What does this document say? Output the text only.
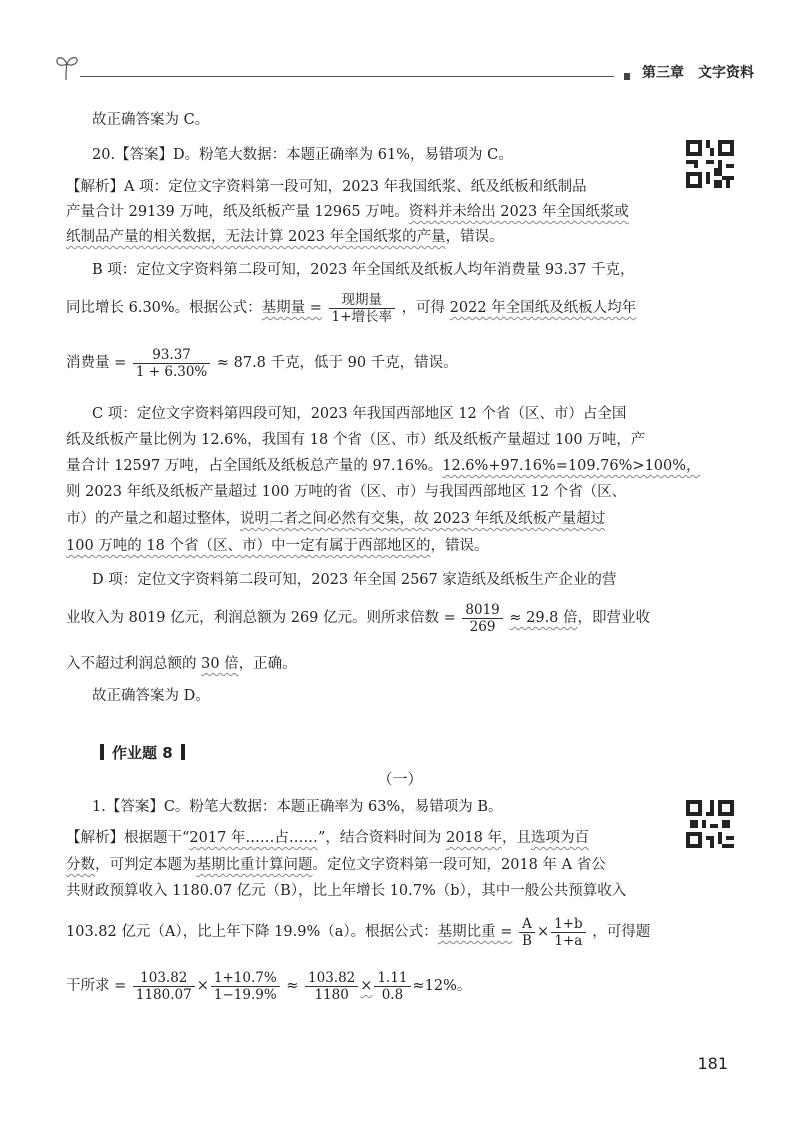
第三章 文字资料
故正确答案为 C。
20.【答案】D。粉笔大数据：本题正确率为 61%，易错项为 C。
【解析】A 项：定位文字资料第一段可知，2023 年我国纸浆、纸及纸板和纸制品
产量合计 29139 万吨，纸及纸板产量 12965 万吨。资料并未给出 2023 年全国纸浆或
纸制品产量的相关数据，无法计算 2023 年全国纸浆的产量，错误。
B 项：定位文字资料第二段可知，2023 年全国纸及纸板人均年消费量 93.37 千克，
同比增长 6.30%。根据公式：基期量 = $\frac{\text{现期量}}{\text{1+增长率}}$ ，可得 2022 年全国纸及纸板人均年
消费量 = $\frac{93.37}{1 + 6.30\%} \approx 87.8$ 千克，低于 90 千克，错误。
C 项：定位文字资料第四段可知，2023 年我国西部地区 12 个省（区、市）占全国
纸及纸板产量比例为 12.6%，我国有 18 个省（区、市）纸及纸板产量超过 100 万吨，产
量合计 12597 万吨，占全国纸及纸板总产量的 97.16%。12.6%+97.16%=109.76%>100%，
则 2023 年纸及纸板产量超过 100 万吨的省（区、市）与我国西部地区 12 个省（区、
市）的产量之和超过整体，说明二者之间必然有交集，故 2023 年纸及纸板产量超过
100 万吨的 18 个省（区、市）中一定有属于西部地区的，错误。
D 项：定位文字资料第二段可知，2023 年全国 2567 家造纸及纸板生产企业的营
业收入为 8019 亿元，利润总额为 269 亿元。则所求倍数 = $\frac{8019}{269} \approx 29.8$ 倍，即营业收
入不超过利润总额的 30 倍，正确。
故正确答案为 D。
作业题 8
（一）
1.【答案】C。粉笔大数据：本题正确率为 63%，易错项为 B。
【解析】根据题干“2017 年……占……”，结合资料时间为 2018 年，且选项为百
分数，可判定本题为基期比重计算问题。定位文字资料第一段可知，2018 年 A 省公
共财政预算收入 1180.07 亿元（B），比上年增长 10.7%（b），其中一般公共预算收入
103.82 亿元（A），比上年下降 19.9%（a）。根据公式：基期比重 = $\frac{A}{B} \times \frac{1+b}{1+a}$ ，可得题
干所求 = $\frac{103.82}{1180.07} \times \frac{1+10.7\%}{1-19.9\%} \approx \frac{103.82}{1180} \times \frac{1.11}{0.8} \approx 12\%$。
181
